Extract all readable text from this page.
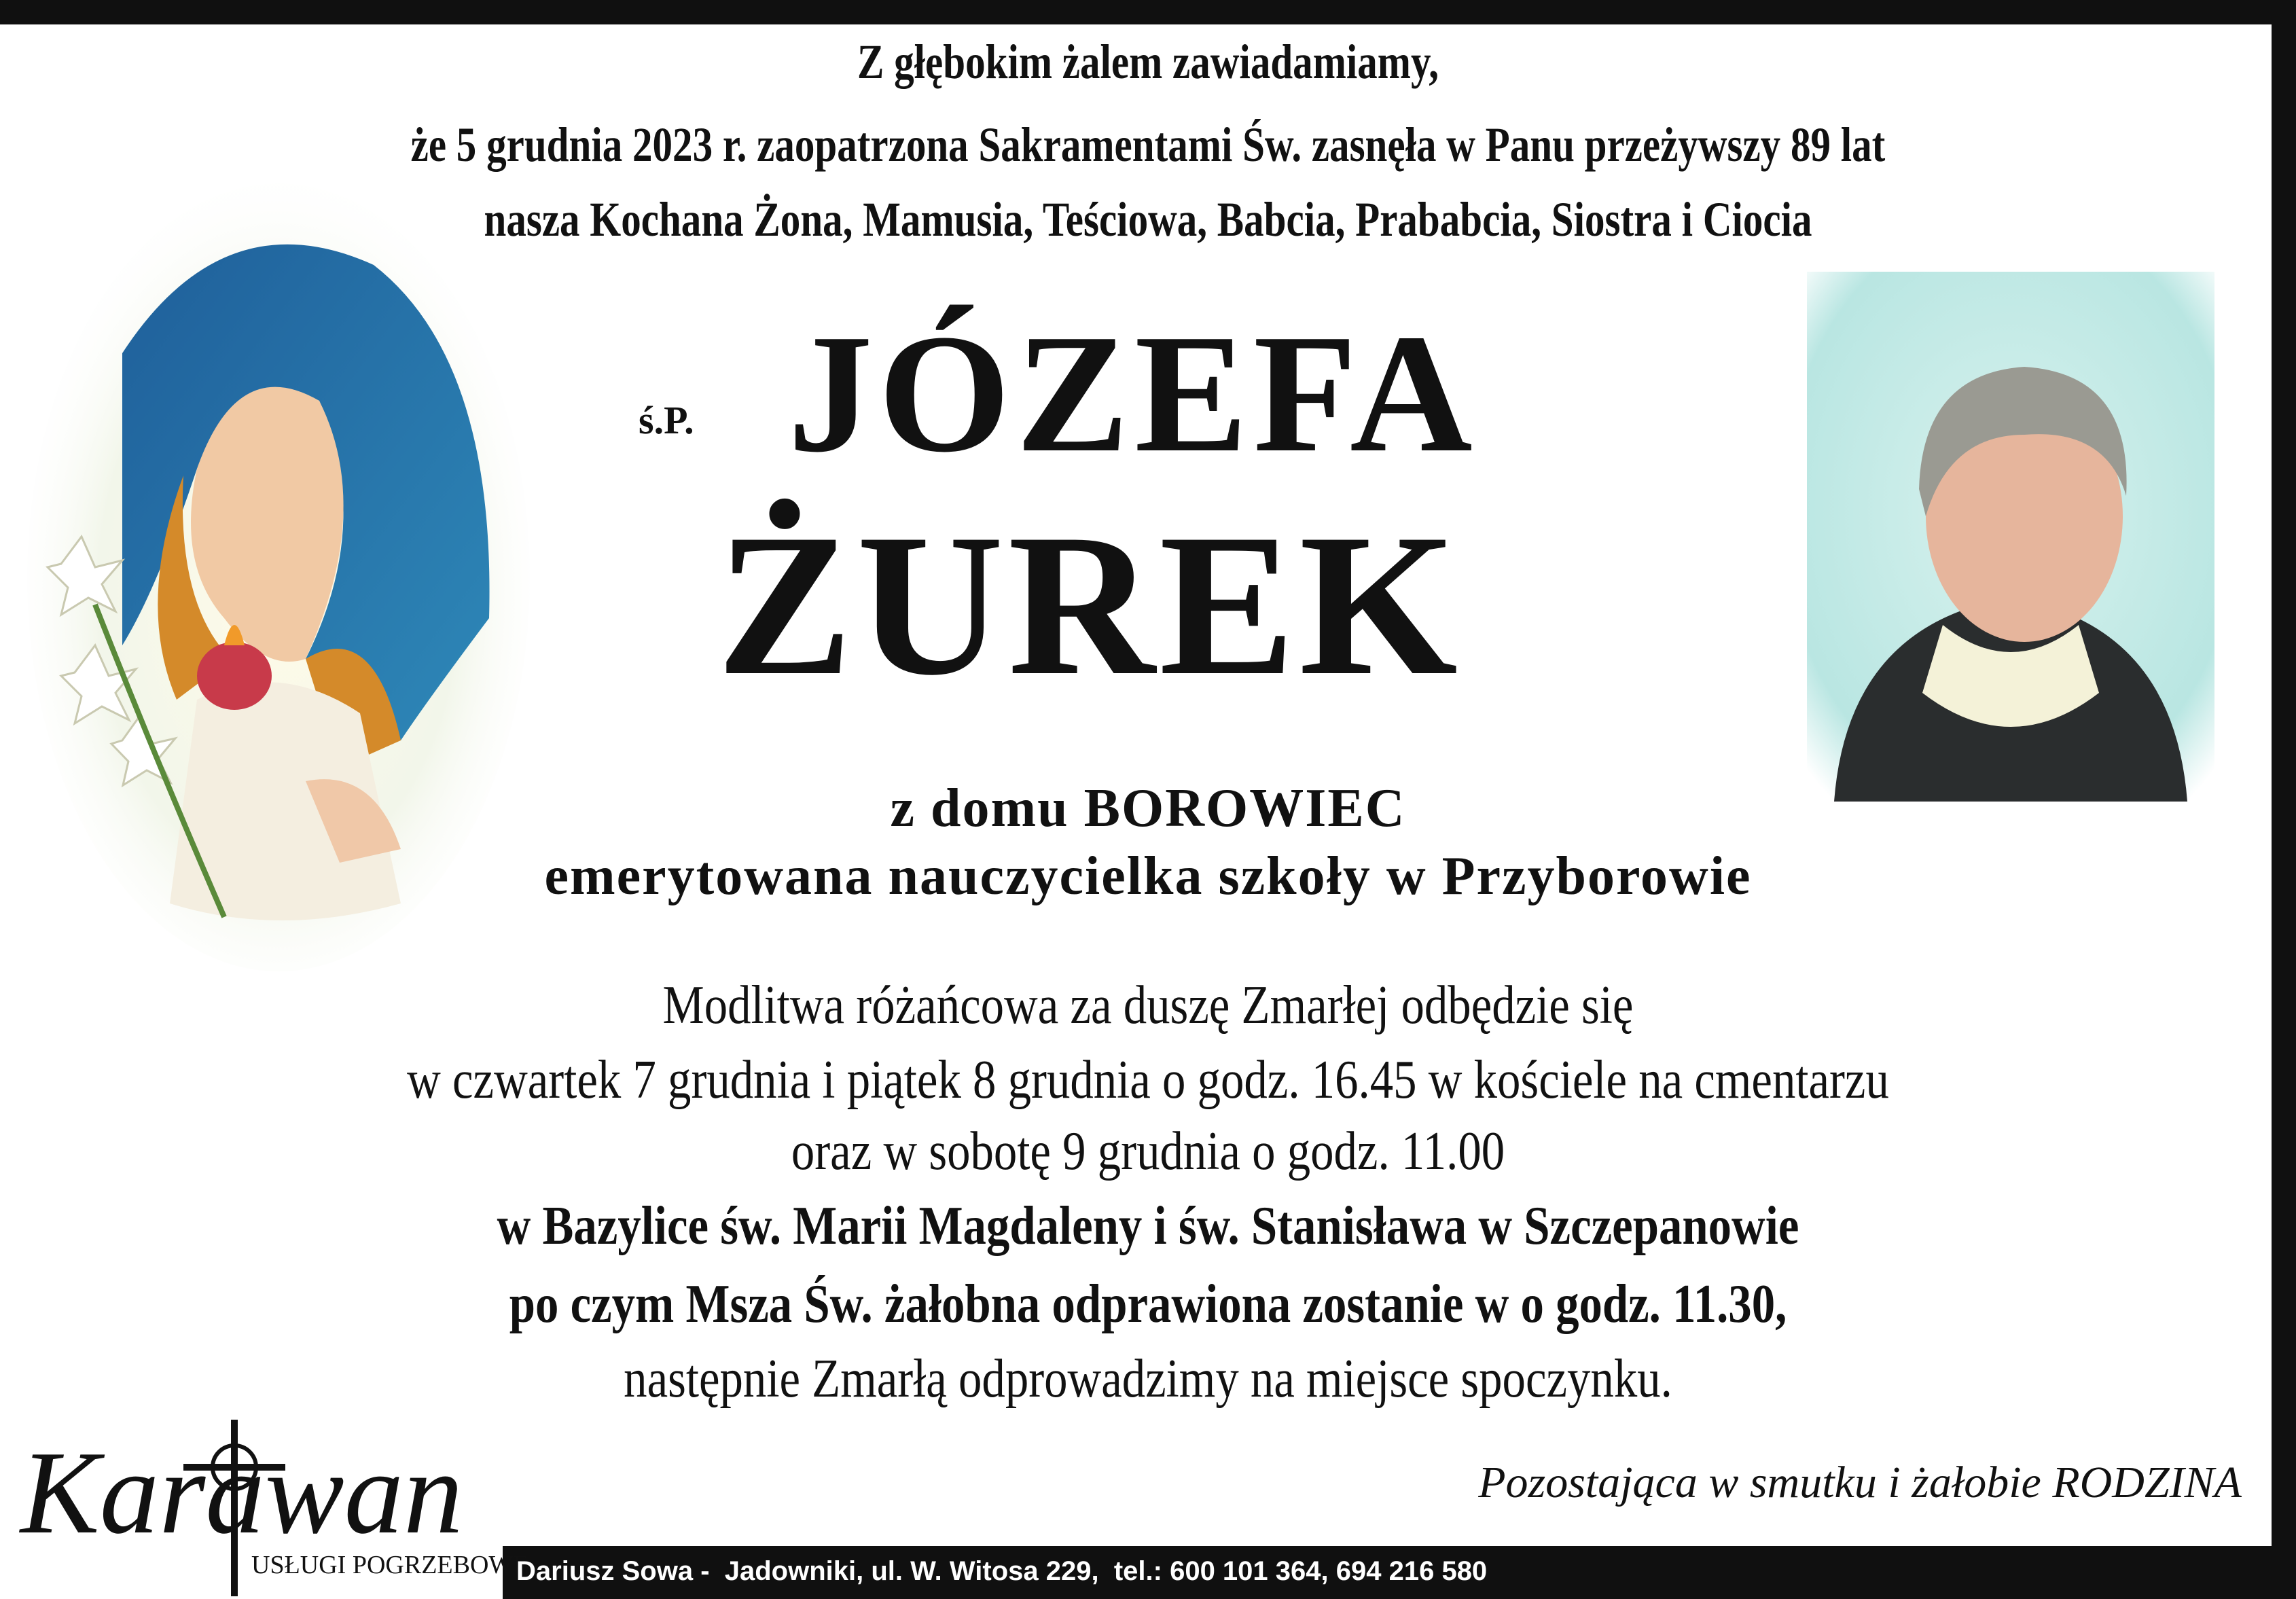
Z głębokim żalem zawiadamiamy,
że 5 grudnia 2023 r. zaopatrzona Sakramentami Św. zasnęła w Panu przeżywszy 89 lat
nasza Kochana Żona, Mamusia, Teściowa, Babcia, Prababcia, Siostra i Ciocia
ś.P. JÓZEFA
ŻUREK
z domu BOROWIEC
emerytowana nauczycielka szkoły w Przyborowie
Modlitwa różańcowa za duszę Zmarłej odbędzie się
w czwartek 7 grudnia i piątek 8 grudnia o godz. 16.45 w kościele na cmentarzu
oraz w sobotę 9 grudnia o godz. 11.00
w Bazylice św. Marii Magdaleny i św. Stanisława w Szczepanowie
po czym Msza Św. żałobna odprawiona zostanie w o godz. 11.30,
następnie Zmarłą odprowadzimy na miejsce spoczynku.
Pozostająca w smutku i żałobie RODZINA
Karawan
USŁUGI POGRZEBOWE
Dariusz Sowa -  Jadowniki, ul. W. Witosa 229,  tel.: 600 101 364, 694 216 580
